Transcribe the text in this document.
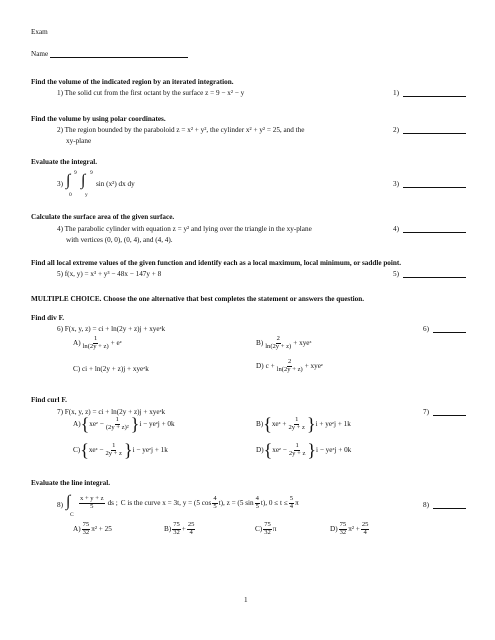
Exam
Name
Find the volume of the indicated region by an iterated integration.
1) The solid cut from the first octant by the surface z = 9 − x² − y	1)
Find the volume by using polar coordinates.
2) The region bounded by the paraboloid z = x² + y², the cylinder x² + y² = 25, and the
xy-plane
2)
Evaluate the integral.
3) ∫ ∫
9 9
0 y
sin (x²) dx dy	3)
Calculate the surface area of the given surface.
4) The parabolic cylinder with equation z = y² and lying over the triangle in the xy-plane
with vertices (0, 0), (0, 4), and (4, 4).
4)
Find all local extreme values of the given function and identify each as a local maximum, local minimum, or saddle point.
5) f(x, y) = x³ + y³ − 48x − 147y + 8	5)
MULTIPLE CHOICE. Choose the one alternative that best completes the statement or answers the question.
Find div F.
6) F(x, y, z) = ci + ln(2y + z)j + xyeᶻk	6)
$A) \frac{1}{\ln(2y + z)}$ + eᶻ	$B) \frac{2}{\ln(2y + z)}$ + xyeᶻ
C) ci + ln(2y + z)j + xyeᶻk	D) $c + \frac{2}{\ln(2y + z)}$ + xyeᶻ
Find curl F.
7) F(x, y, z) = ci + ln(2y + z)j + xyeᶻk	7)
A) { xeᶻ − $\frac{1}{\text{(2y + z)²}}$ } i − yeᶻj + 0k	B) { xeᶻ + $\frac{1}{2y + z}$ } i + yeᶻj + 1k
C) { xeᶻ − $\frac{1}{2y + z}$ } i − yeᶻj + 1k	D) { xeᶻ − $\frac{1}{2y + z}$ } i − yeᶻj + 0k
Evaluate the line integral.
8) ∫
C
$\frac{x + y + z}{5}$ ds ; C is the curve x = 3t, y = (5 $\cos \frac{4}{5} t$), z = (5 $\sin \frac{4}{5} t$), $0 \le t \le \frac{5}{4}$ π	8)
$A) \frac{75}{32} \pi^2 + 25$	$B) \frac{75}{32} + \frac{25}{4}$	$C) \frac{75}{32}$ π	$D) \frac{75}{32} \pi^2 + \frac{25}{4}$
1
